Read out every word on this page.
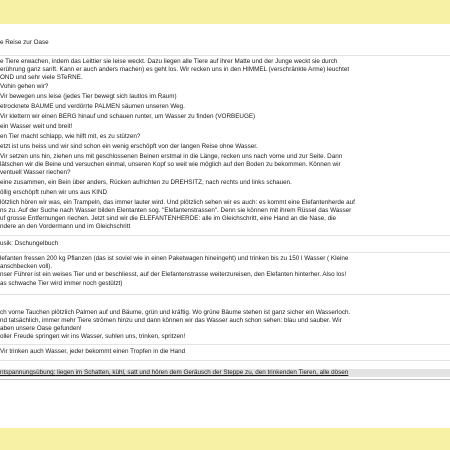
e Reise zur Oase
e Tiere erwachen, indem das Leittier sie leise weckt. Dazu liegen alle Tiere auf ihrer Matte und der Junge weckt sie durch
erührung ganz sanft. Kann er auch anders machen) es geht los. Wir recken uns in den HIMMEL (verschränkte Arme) leuchtet
OND und sehr viele STeRNE.
Vohin gehen wir?
Vir bewegen uns leise (jedes Tier bewegt sich lautlos im Raum)
etrocknete BAUME und verdörrte PALMEN säumen unseren Weg.
Vir klettern wir einen BERG hinauf und schauen runter, um Wasser zu finden (VORBEUGE)
ein Wasser weit und breit!
en Tier macht schlapp, wie hilft mit, es zu stützen?
etzt ist uns heiss und wir sind schon ein wenig erschöpft von der langen Reise ohne Wasser.
Vir setzen uns hin, ziehen uns mit geschlossenen Beinen erstmal in die Länge, recken uns nach vorne und zur Seite. Dann
lätschen wir die Beine und versuchen einmal, unseren Kopf so weit wie möglich auf den Boden zu bekommen. Können wir
ventuell Wasser riechen?
eine zusammen, ein Bein über anders, Rücken aufrichten zu DREHSITZ, nach rechts und links schauen.
öllig erschöpft ruhen wir uns aus KIND
lötzlich hören wir was, ein Trampeln, das immer lauter wird. Und plötzlich sehen wir es auch: es kommt eine Elefantenherde auf
ns zu. Auf der Suche nach Wasser bilden Elentanten sog. "Elefantenstrassen". Denn sie können mit ihrem Rüssel das Wasser
uf grosse Entfernungen riechen. Jetzt sind wir die ELEFANTENHERDE: alle im Gleichschritt, eine Hand an die Nase, die
ndere an den Vordermann und im Gleichschritt
usik: Dschungelbuch
lefanten fressen 200 kg Pflanzen (das ist soviel wie in einen Paketwagen hineingeht) und trinken bis zu 150 l Wasser ( Kleine
anschbecken voll).
nser Führer ist ein weises Tier und er beschliesst, auf der Elefantenstrasse weiterzureisen, den Elefanten hinterher. Also los!
as schwache Tier wird immer noch gestützt)
ch vorne Tauchen plötzlich Palmen auf und Bäume, grün und kräftig. Wo grüne Bäume stehen ist ganz sicher ein Wasserloch.
nd tatsächlich, immer mehr Tiere strömen hinzu und dann können wir das Wasser auch schon sehen: blau und sauber. Wir
aben unsere Oase gefunden!
oller Freude springen wir ins Wasser, suhlen uns, trinken, spritzen!
Vir trinken auch Wasser, jeder bekommt einen Tropfen in die Hand
ntspannungsübung: liegen im Schatten, kühl, satt und hören dem Geräusch der Steppe zu, den trinkenden Tieren, alle dösen
